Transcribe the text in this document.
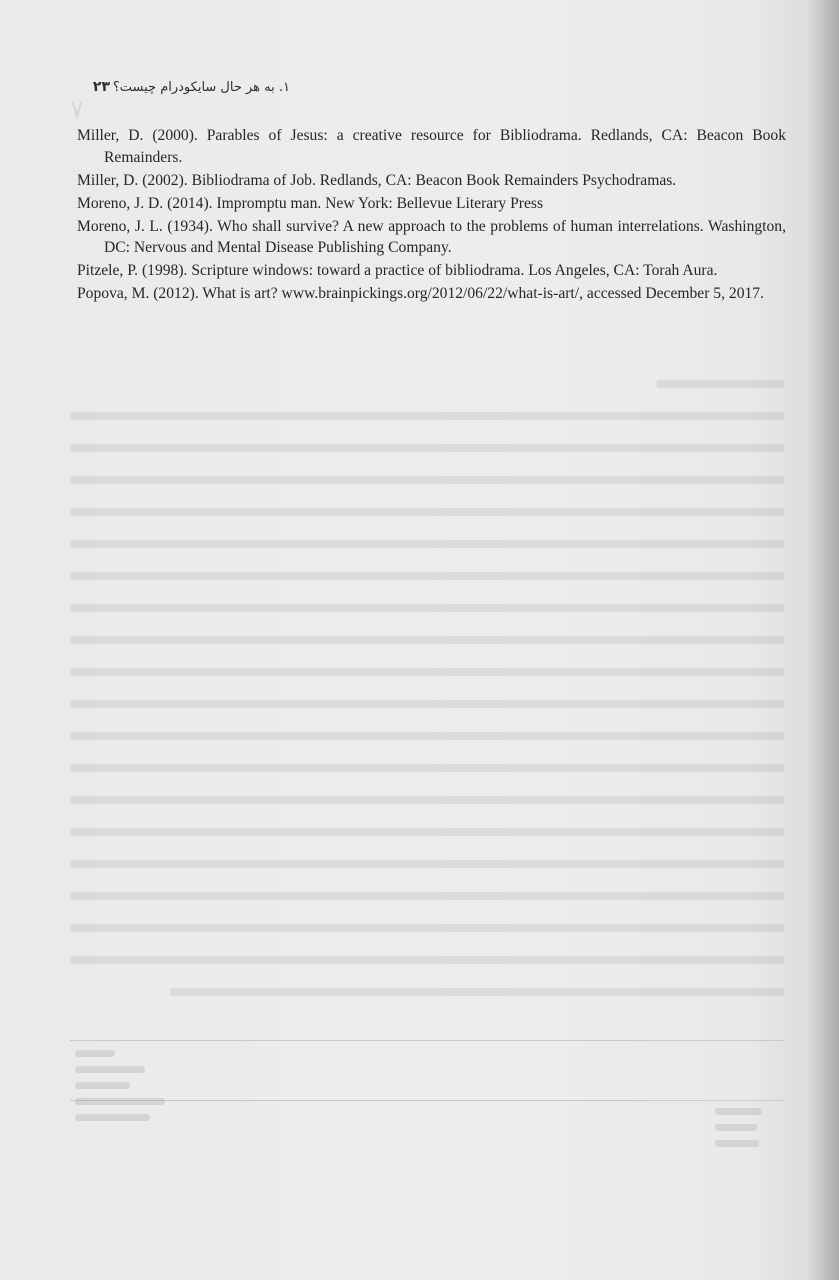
۱. به هر حال سایکودرام چیست؟
۲۳
۷

Miller, D. (2000). Parables of Jesus: a creative resource for Bibliodrama. Redlands, CA: Beacon Book Remainders.

Miller, D. (2002). Bibliodrama of Job. Redlands, CA: Beacon Book Remainders Psychodramas.

Moreno, J. D. (2014). Impromptu man. New York: Bellevue Literary Press

Moreno, J. L. (1934). Who shall survive? A new approach to the problems of human interrelations. Washington, DC: Nervous and Mental Disease Publishing Company.

Pitzele, P. (1998). Scripture windows: toward a practice of bibliodrama. Los Angeles, CA: Torah Aura.

Popova, M. (2012). What is art? www.brainpickings.org/2012/06/22/what-is-art/, accessed December 5, 2017.
